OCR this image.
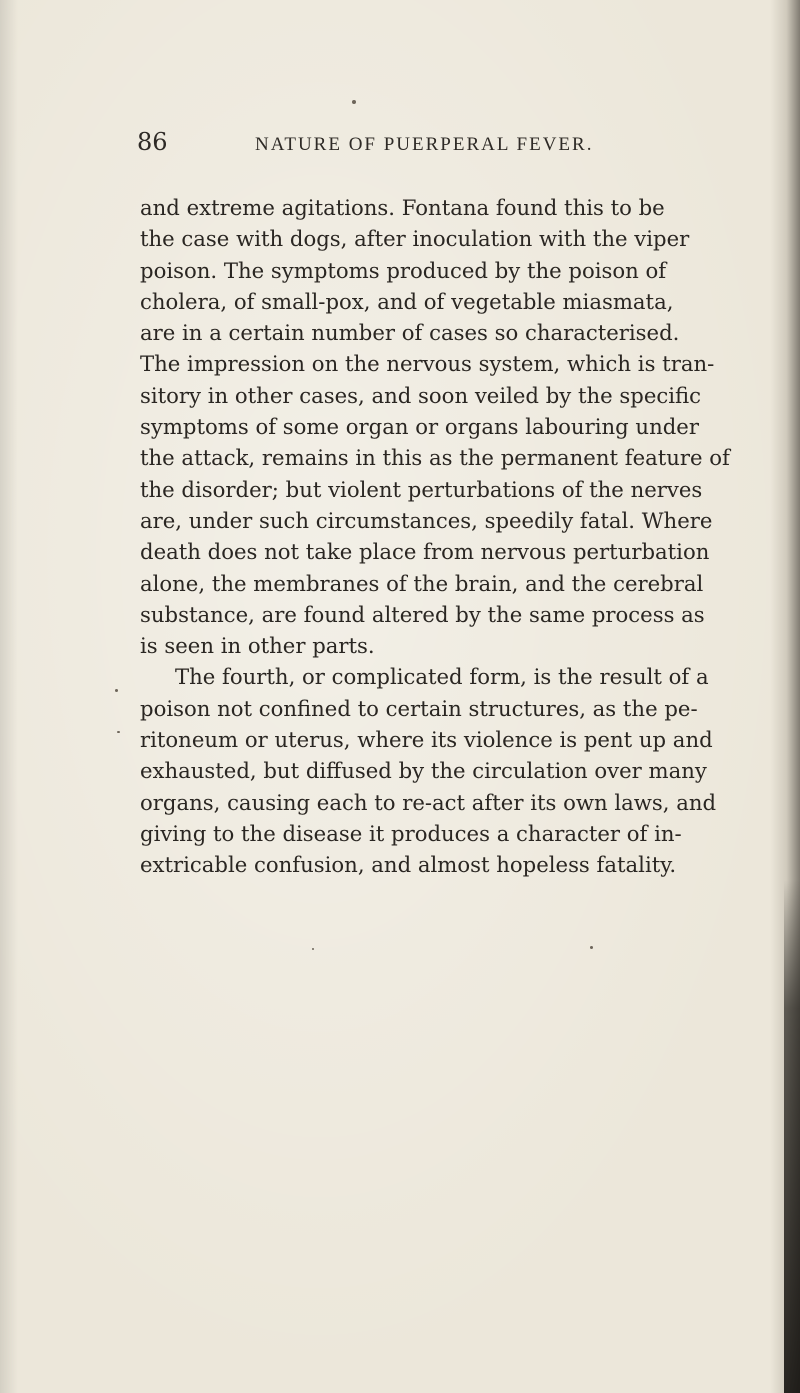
86	NATURE OF PUERPERAL FEVER.
and extreme agitations. Fontana found this to be
the case with dogs, after inoculation with the viper
poison. The symptoms produced by the poison of
cholera, of small-pox, and of vegetable miasmata,
are in a certain number of cases so characterised.
The impression on the nervous system, which is tran-
sitory in other cases, and soon veiled by the specific
symptoms of some organ or organs labouring under
the attack, remains in this as the permanent feature of
the disorder; but violent perturbations of the nerves
are, under such circumstances, speedily fatal. Where
death does not take place from nervous perturbation
alone, the membranes of the brain, and the cerebral
substance, are found altered by the same process as
is seen in other parts.
The fourth, or complicated form, is the result of a
poison not confined to certain structures, as the pe-
ritoneum or uterus, where its violence is pent up and
exhausted, but diffused by the circulation over many
organs, causing each to re-act after its own laws, and
giving to the disease it produces a character of in-
extricable confusion, and almost hopeless fatality.
